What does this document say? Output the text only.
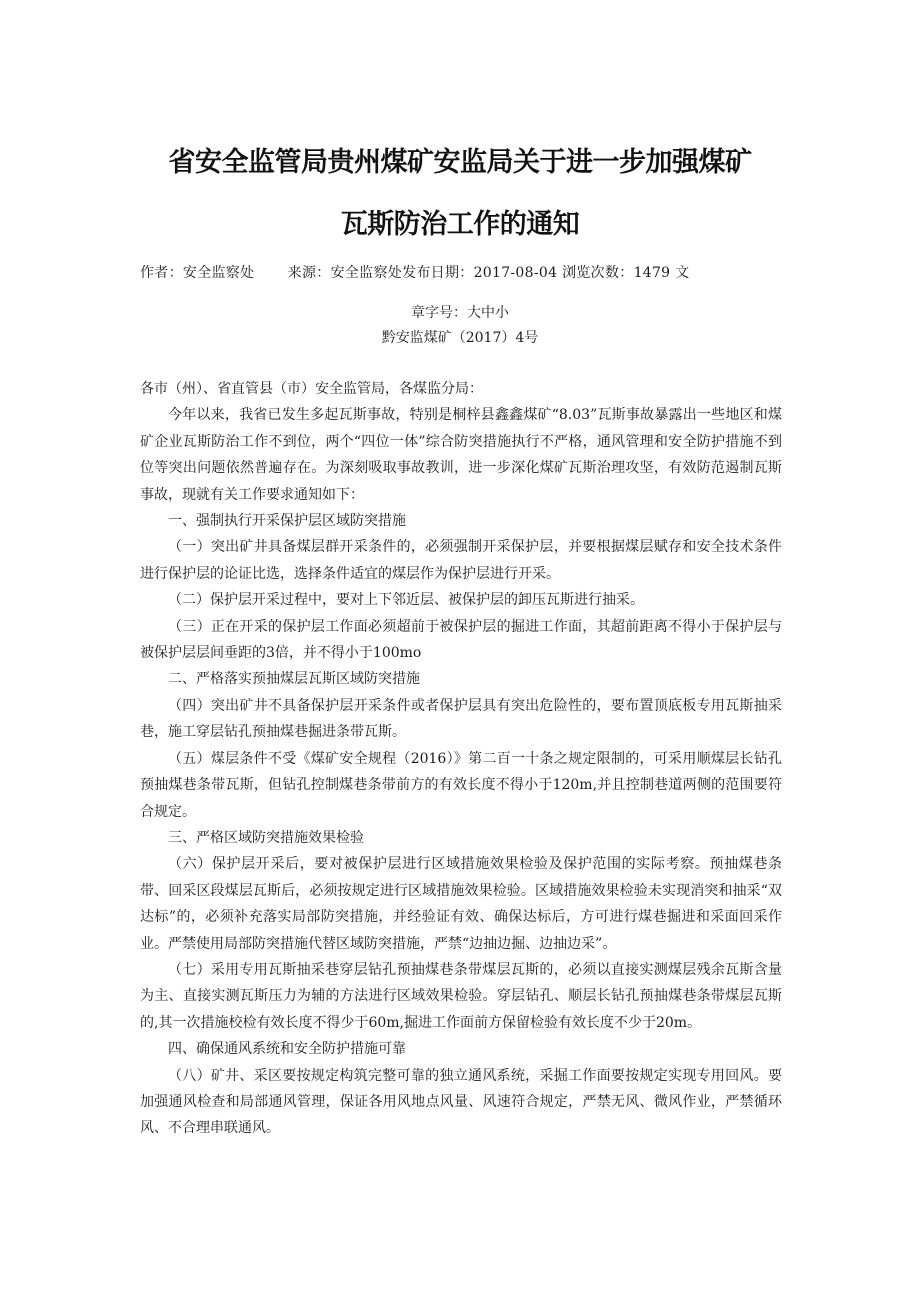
省安全监管局贵州煤矿安监局关于进一步加强煤矿
瓦斯防治工作的通知
作者：安全监察处 来源：安全监察处发布日期：2017-08-04 浏览次数：1479 文
章字号：大中小
黔安监煤矿（2017）4号

各市（州）、省直管县（市）安全监管局，各煤监分局：

今年以来，我省已发生多起瓦斯事故，特别是桐梓县鑫鑫煤矿“8.03”瓦斯事故暴露出一些地区和煤矿企业瓦斯防治工作不到位，两个“四位一体”综合防突措施执行不严格，通风管理和安全防护措施不到位等突出问题依然普遍存在。为深刻吸取事故教训，进一步深化煤矿瓦斯治理攻坚，有效防范遏制瓦斯事故，现就有关工作要求通知如下：

一、强制执行开采保护层区域防突措施

（一）突出矿井具备煤层群开采条件的，必须强制开采保护层，并要根据煤层赋存和安全技术条件进行保护层的论证比选，选择条件适宜的煤层作为保护层进行开采。

（二）保护层开采过程中，要对上下邻近层、被保护层的卸压瓦斯进行抽采。

（三）正在开采的保护层工作面必须超前于被保护层的掘进工作面，其超前距离不得小于保护层与被保护层层间垂距的3倍，并不得小于100mo

二、严格落实预抽煤层瓦斯区域防突措施

（四）突出矿井不具备保护层开采条件或者保护层具有突出危险性的，要布置顶底板专用瓦斯抽采巷，施工穿层钻孔预抽煤巷掘进条带瓦斯。

（五）煤层条件不受《煤矿安全规程（2016）》第二百一十条之规定限制的，可采用顺煤层长钻孔预抽煤巷条带瓦斯，但钻孔控制煤巷条带前方的有效长度不得小于120m,并且控制巷道两侧的范围要符合规定。

三、严格区域防突措施效果检验

（六）保护层开采后，要对被保护层进行区域措施效果检验及保护范围的实际考察。预抽煤巷条带、回采区段煤层瓦斯后，必须按规定进行区域措施效果检验。区域措施效果检验未实现消突和抽采“双达标”的，必须补充落实局部防突措施，并经验证有效、确保达标后，方可进行煤巷掘进和采面回采作业。严禁使用局部防突措施代替区域防突措施，严禁“边抽边掘、边抽边采”。

（七）采用专用瓦斯抽采巷穿层钻孔预抽煤巷条带煤层瓦斯的，必须以直接实测煤层残余瓦斯含量为主、直接实测瓦斯压力为辅的方法进行区域效果检验。穿层钻孔、顺层长钻孔预抽煤巷条带煤层瓦斯的,其一次措施校检有效长度不得少于60m,掘进工作面前方保留检验有效长度不少于20m。

四、确保通风系统和安全防护措施可靠

（八）矿井、采区要按规定构筑完整可靠的独立通风系统，采掘工作面要按规定实现专用回风。要加强通风检查和局部通风管理，保证各用风地点风量、风速符合规定，严禁无风、微风作业，严禁循环风、不合理串联通风。
